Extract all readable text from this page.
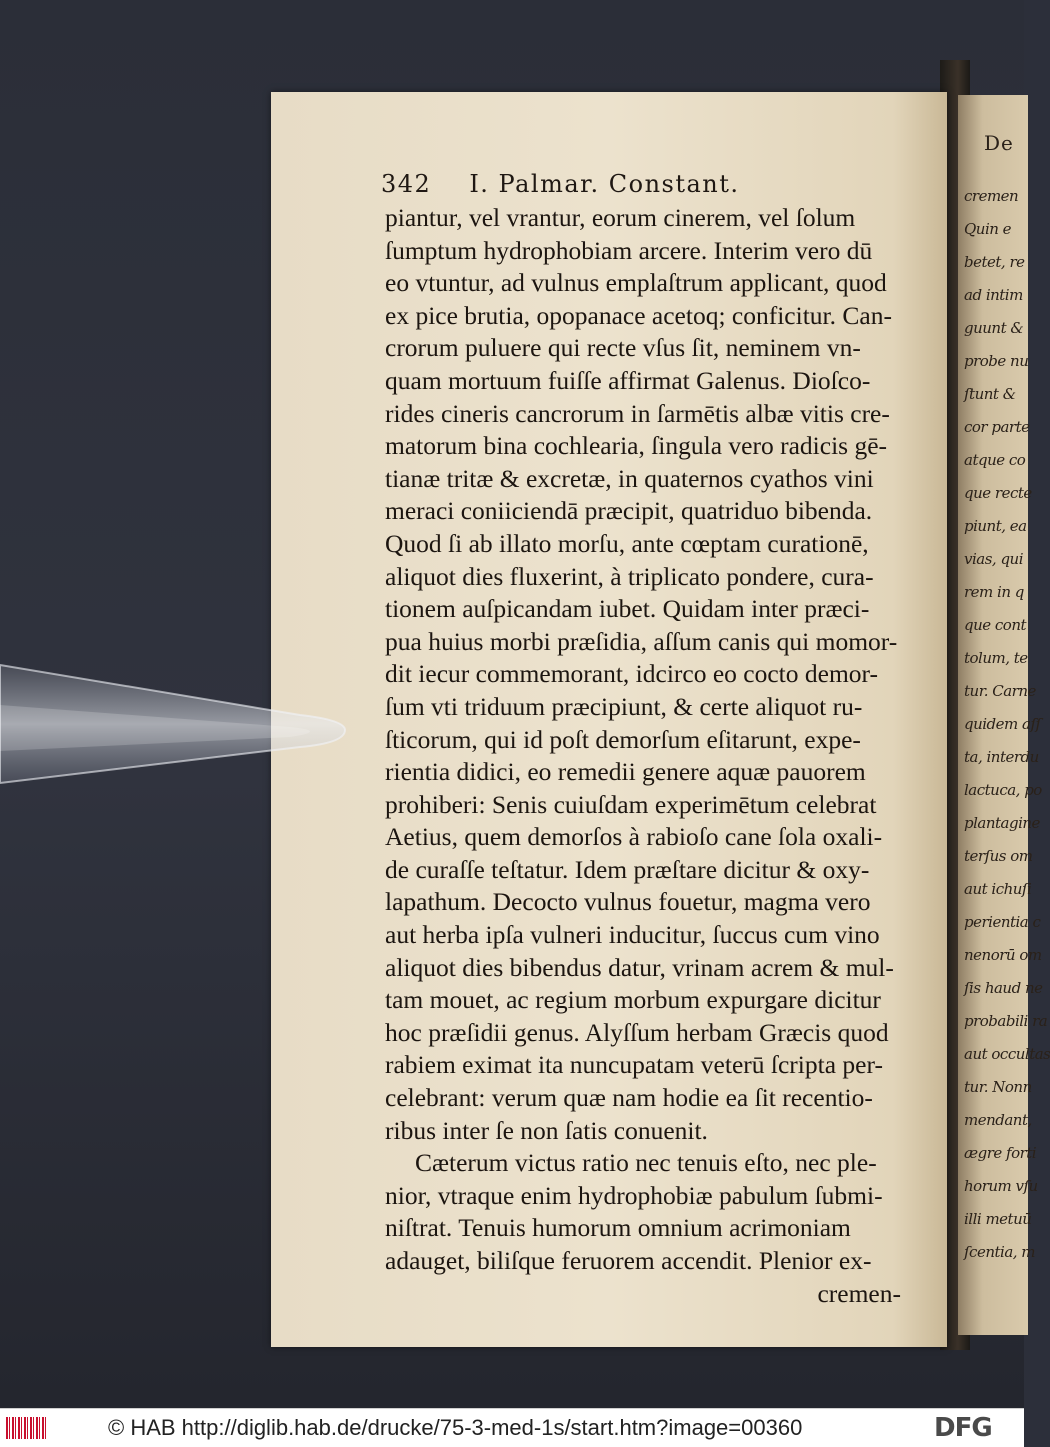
De
cremen
Quin e
betet, re
ad intim
guunt &
probe nu
ſtunt &
cor parte
atque co
que recte
piunt, ea
vias, qui
rem in q
que cont
tolum, te
tur. Carne
quidem aſſ
ta, interdu
lactuca, po
plantagine
terſus om
aut ichuſi
perientia c
nenorū om
ſis haud ne
probabili ra
aut occultas
tur. Nonn
mendant,
ægre forti
horum vſu
illi metuū
ſcentia, m
342 I. Palmar. Constant.
piantur, vel vrantur, eorum cinerem, vel ſolum
ſumptum hydrophobiam arcere. Interim vero dū
eo vtuntur, ad vulnus emplaſtrum applicant, quod
ex pice brutia, opopanace acetoq; conficitur. Can-
crorum puluere qui recte vſus ſit, neminem vn-
quam mortuum fuiſſe affirmat Galenus. Dioſco-
rides cineris cancrorum in ſarmētis albæ vitis cre-
matorum bina cochlearia, ſingula vero radicis gē-
tianæ tritæ & excretæ, in quaternos cyathos vini
meraci coniiciendā præcipit, quatriduo bibenda.
Quod ſi ab illato morſu, ante cœptam curationē,
aliquot dies fluxerint, à triplicato pondere, cura-
tionem auſpicandam iubet. Quidam inter præci-
pua huius morbi præſidia, aſſum canis qui momor-
dit iecur commemorant, idcirco eo cocto demor-
ſum vti triduum præcipiunt, & certe aliquot ru-
ſticorum, qui id poſt demorſum eſitarunt, expe-
rientia didici, eo remedii genere aquæ pauorem
prohiberi: Senis cuiuſdam experimētum celebrat
Aetius, quem demorſos à rabioſo cane ſola oxali-
de curaſſe teſtatur. Idem præſtare dicitur & oxy-
lapathum. Decocto vulnus fouetur, magma vero
aut herba ipſa vulneri inducitur, ſuccus cum vino
aliquot dies bibendus datur, vrinam acrem & mul-
tam mouet, ac regium morbum expurgare dicitur
hoc præſidii genus. Alyſſum herbam Græcis quod
rabiem eximat ita nuncupatam veterū ſcripta per-
celebrant: verum quæ nam hodie ea ſit recentio-
ribus inter ſe non ſatis conuenit.
Cæterum victus ratio nec tenuis eſto, nec ple-
nior, vtraque enim hydrophobiæ pabulum ſubmi-
niſtrat. Tenuis humorum omnium acrimoniam
adauget, biliſque feruorem accendit. Plenior ex-
cremen-
© HAB http://diglib.hab.de/drucke/75-3-med-1s/start.htm?image=00360	DFG
